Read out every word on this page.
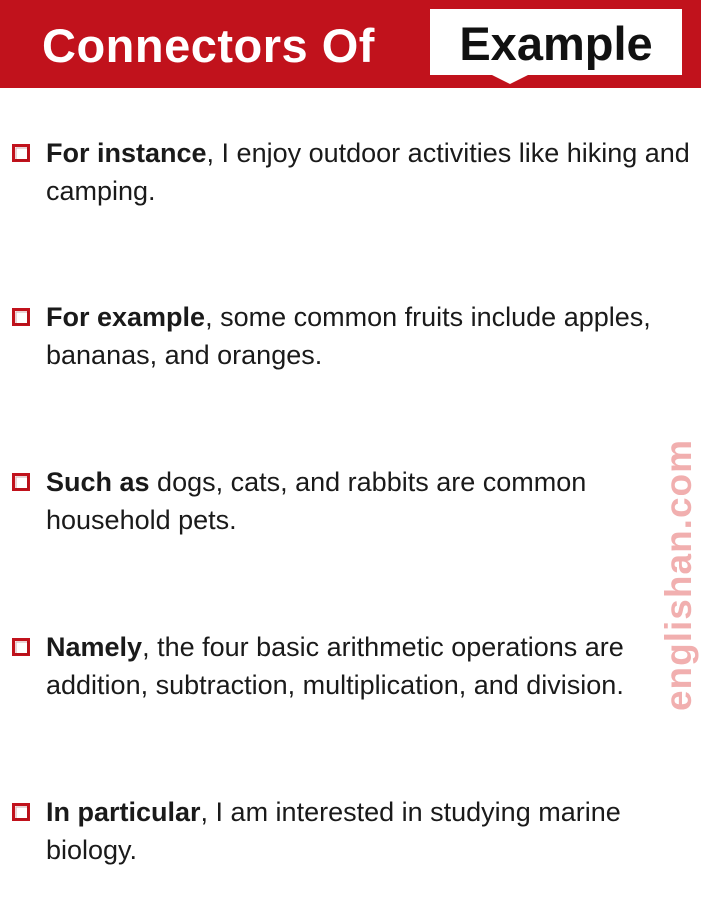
Connectors Of	Example
For instance, I enjoy outdoor activities like hiking and camping.
For example, some common fruits include apples, bananas, and oranges.
Such as dogs, cats, and rabbits are common household pets.
Namely, the four basic arithmetic operations are addition, subtraction, multiplication, and division.
In particular, I am interested in studying marine biology.
englishan.com
